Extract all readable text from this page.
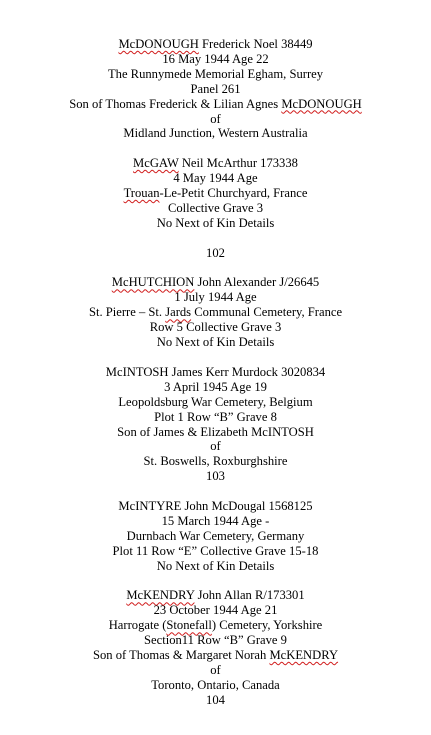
McDONOUGH Frederick Noel 38449
16 May 1944 Age 22
The Runnymede Memorial Egham, Surrey
Panel 261
Son of Thomas Frederick & Lilian Agnes McDONOUGH
of
Midland Junction, Western Australia
McGAW Neil McArthur 173338
4 May 1944 Age
Trouan-Le-Petit Churchyard, France
Collective Grave 3
No Next of Kin Details
102
McHUTCHION John Alexander J/26645
1 July 1944 Age
St. Pierre – St. Jards Communal Cemetery, France
Row 5 Collective Grave 3
No Next of Kin Details
McINTOSH James Kerr Murdock 3020834
3 April 1945 Age 19
Leopoldsburg War Cemetery, Belgium
Plot 1 Row “B” Grave 8
Son of James & Elizabeth McINTOSH
of
St. Boswells, Roxburghshire
103
McINTYRE John McDougal 1568125
15 March 1944 Age -
Durnbach War Cemetery, Germany
Plot 11 Row “E” Collective Grave 15-18
No Next of Kin Details
McKENDRY John Allan R/173301
23 October 1944 Age 21
Harrogate (Stonefall) Cemetery, Yorkshire
Section11 Row “B” Grave 9
Son of Thomas & Margaret Norah McKENDRY
of
Toronto, Ontario, Canada
104
